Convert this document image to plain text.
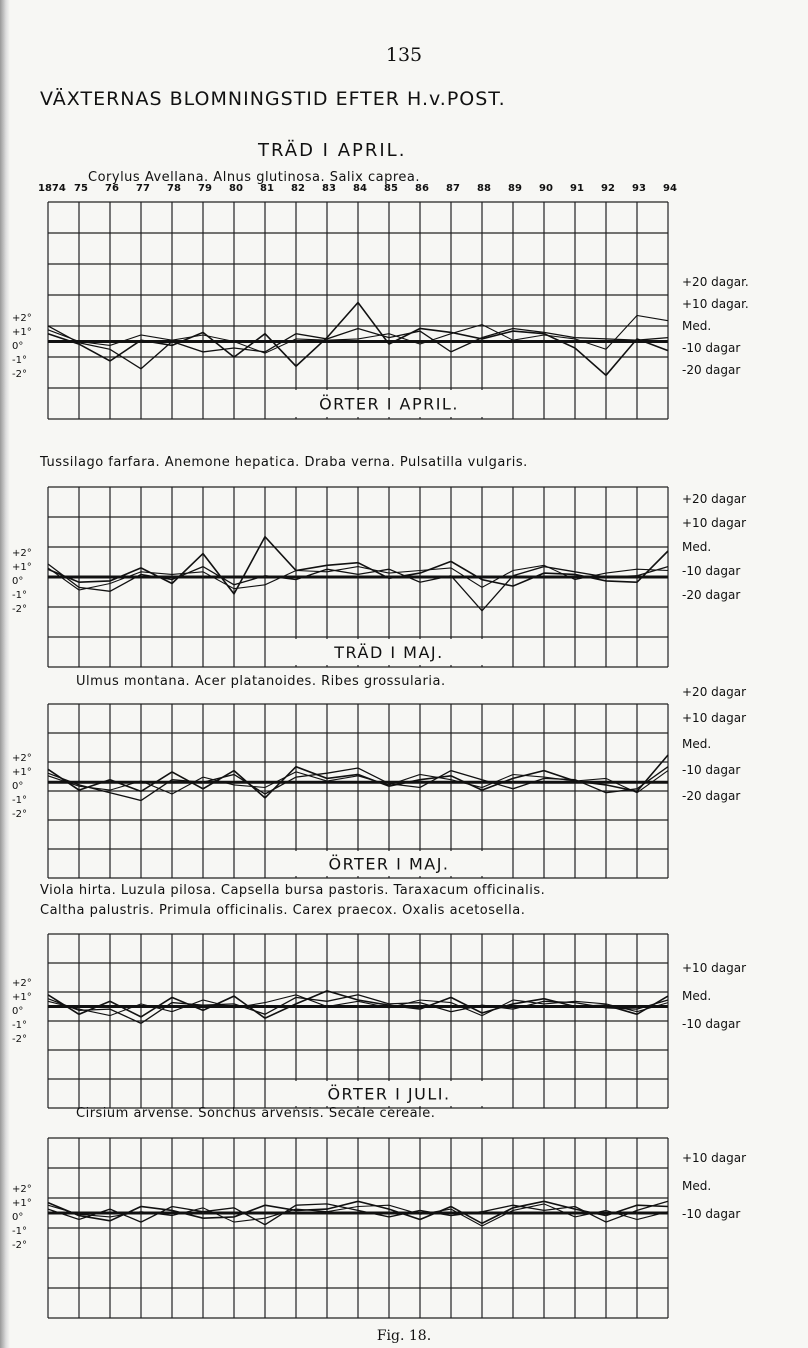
135
VÄXTERNAS BLOMNINGSTID EFTER H.v.POST.
TRÄD I APRIL.
Corylus Avellana. Alnus glutinosa. Salix caprea.
1874 75	76	77	78	79	80	81	82	83	84	85	86	87	88	89	90	91	92	93	94
+2°
+1°
0°
-1°
-2°
ÖRTER I APRIL.
+20 dagar.
+10 dagar.
Med.
-10 dagar
-20 dagar
Tussilago farfara. Anemone hepatica. Draba verna. Pulsatilla vulgaris.
+2°
+1°
0°
-1°
-2°
TRÄD I MAJ.
+20 dagar
+10 dagar
Med.
-10 dagar
-20 dagar
Ulmus montana. Acer platanoides. Ribes grossularia.
+2°
+1°
0°
-1°
-2°
ÖRTER I MAJ.
+20 dagar
+10 dagar
Med.
-10 dagar
-20 dagar
Viola hirta. Luzula pilosa. Capsella bursa pastoris. Taraxacum officinalis.
Caltha palustris. Primula officinalis. Carex praecox. Oxalis acetosella.
+2°
+1°
0°
-1°
-2°
ÖRTER I JULI.
+10 dagar
Med.
-10 dagar
Cirsium arvense. Sonchus arvensis. Secale cereale.
+2°
+1°
0°
-1°
-2°
+10 dagar
Med.
-10 dagar
Fig. 18.
